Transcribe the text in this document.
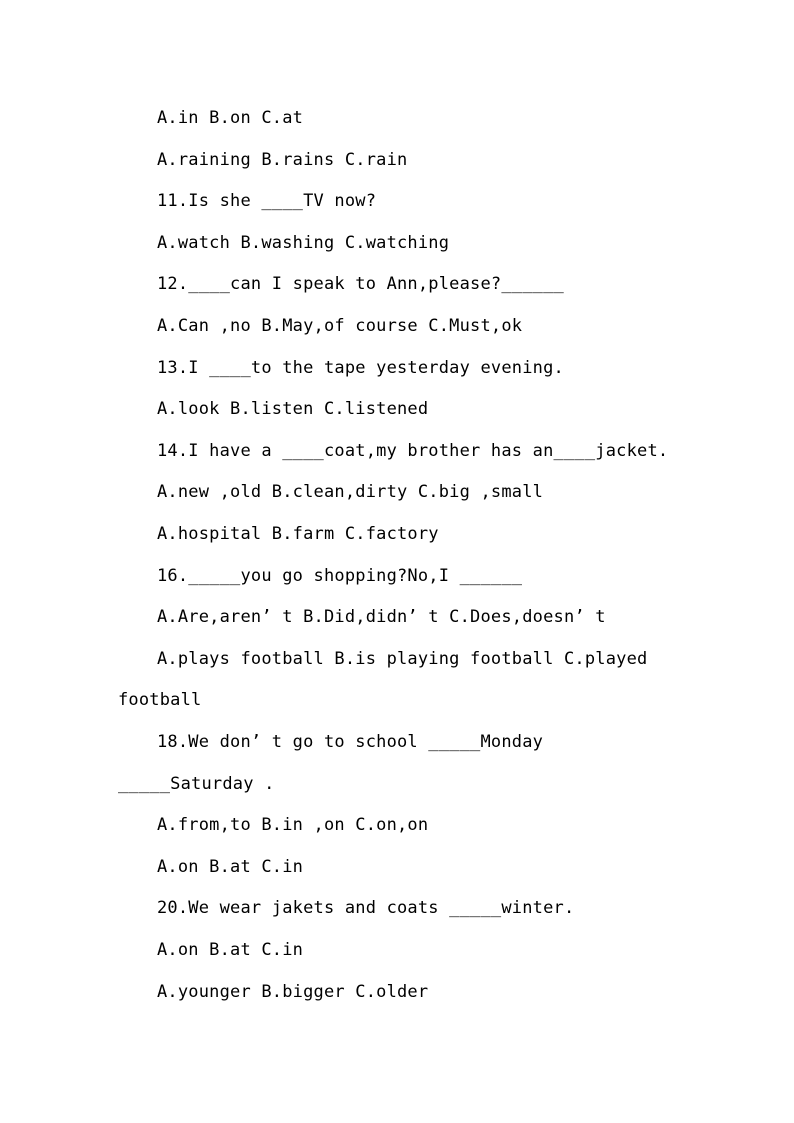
A.in B.on C.at
A.raining B.rains C.rain
11.Is she ____TV now?
A.watch B.washing C.watching
12.____can I speak to Ann,please?______
A.Can ,no B.May,of course C.Must,ok
13.I ____to the tape yesterday evening.
A.look B.listen C.listened
14.I have a ____coat,my brother has an____jacket.
A.new ,old B.clean,dirty C.big ,small
A.hospital B.farm C.factory
16._____you go shopping?No,I ______
A.Are,aren’ t B.Did,didn’ t C.Does,doesn’ t
A.plays football B.is playing football C.played
football
18.We don’ t go to school _____Monday
_____Saturday .
A.from,to B.in ,on C.on,on
A.on B.at C.in
20.We wear jakets and coats _____winter.
A.on B.at C.in
A.younger B.bigger C.older
